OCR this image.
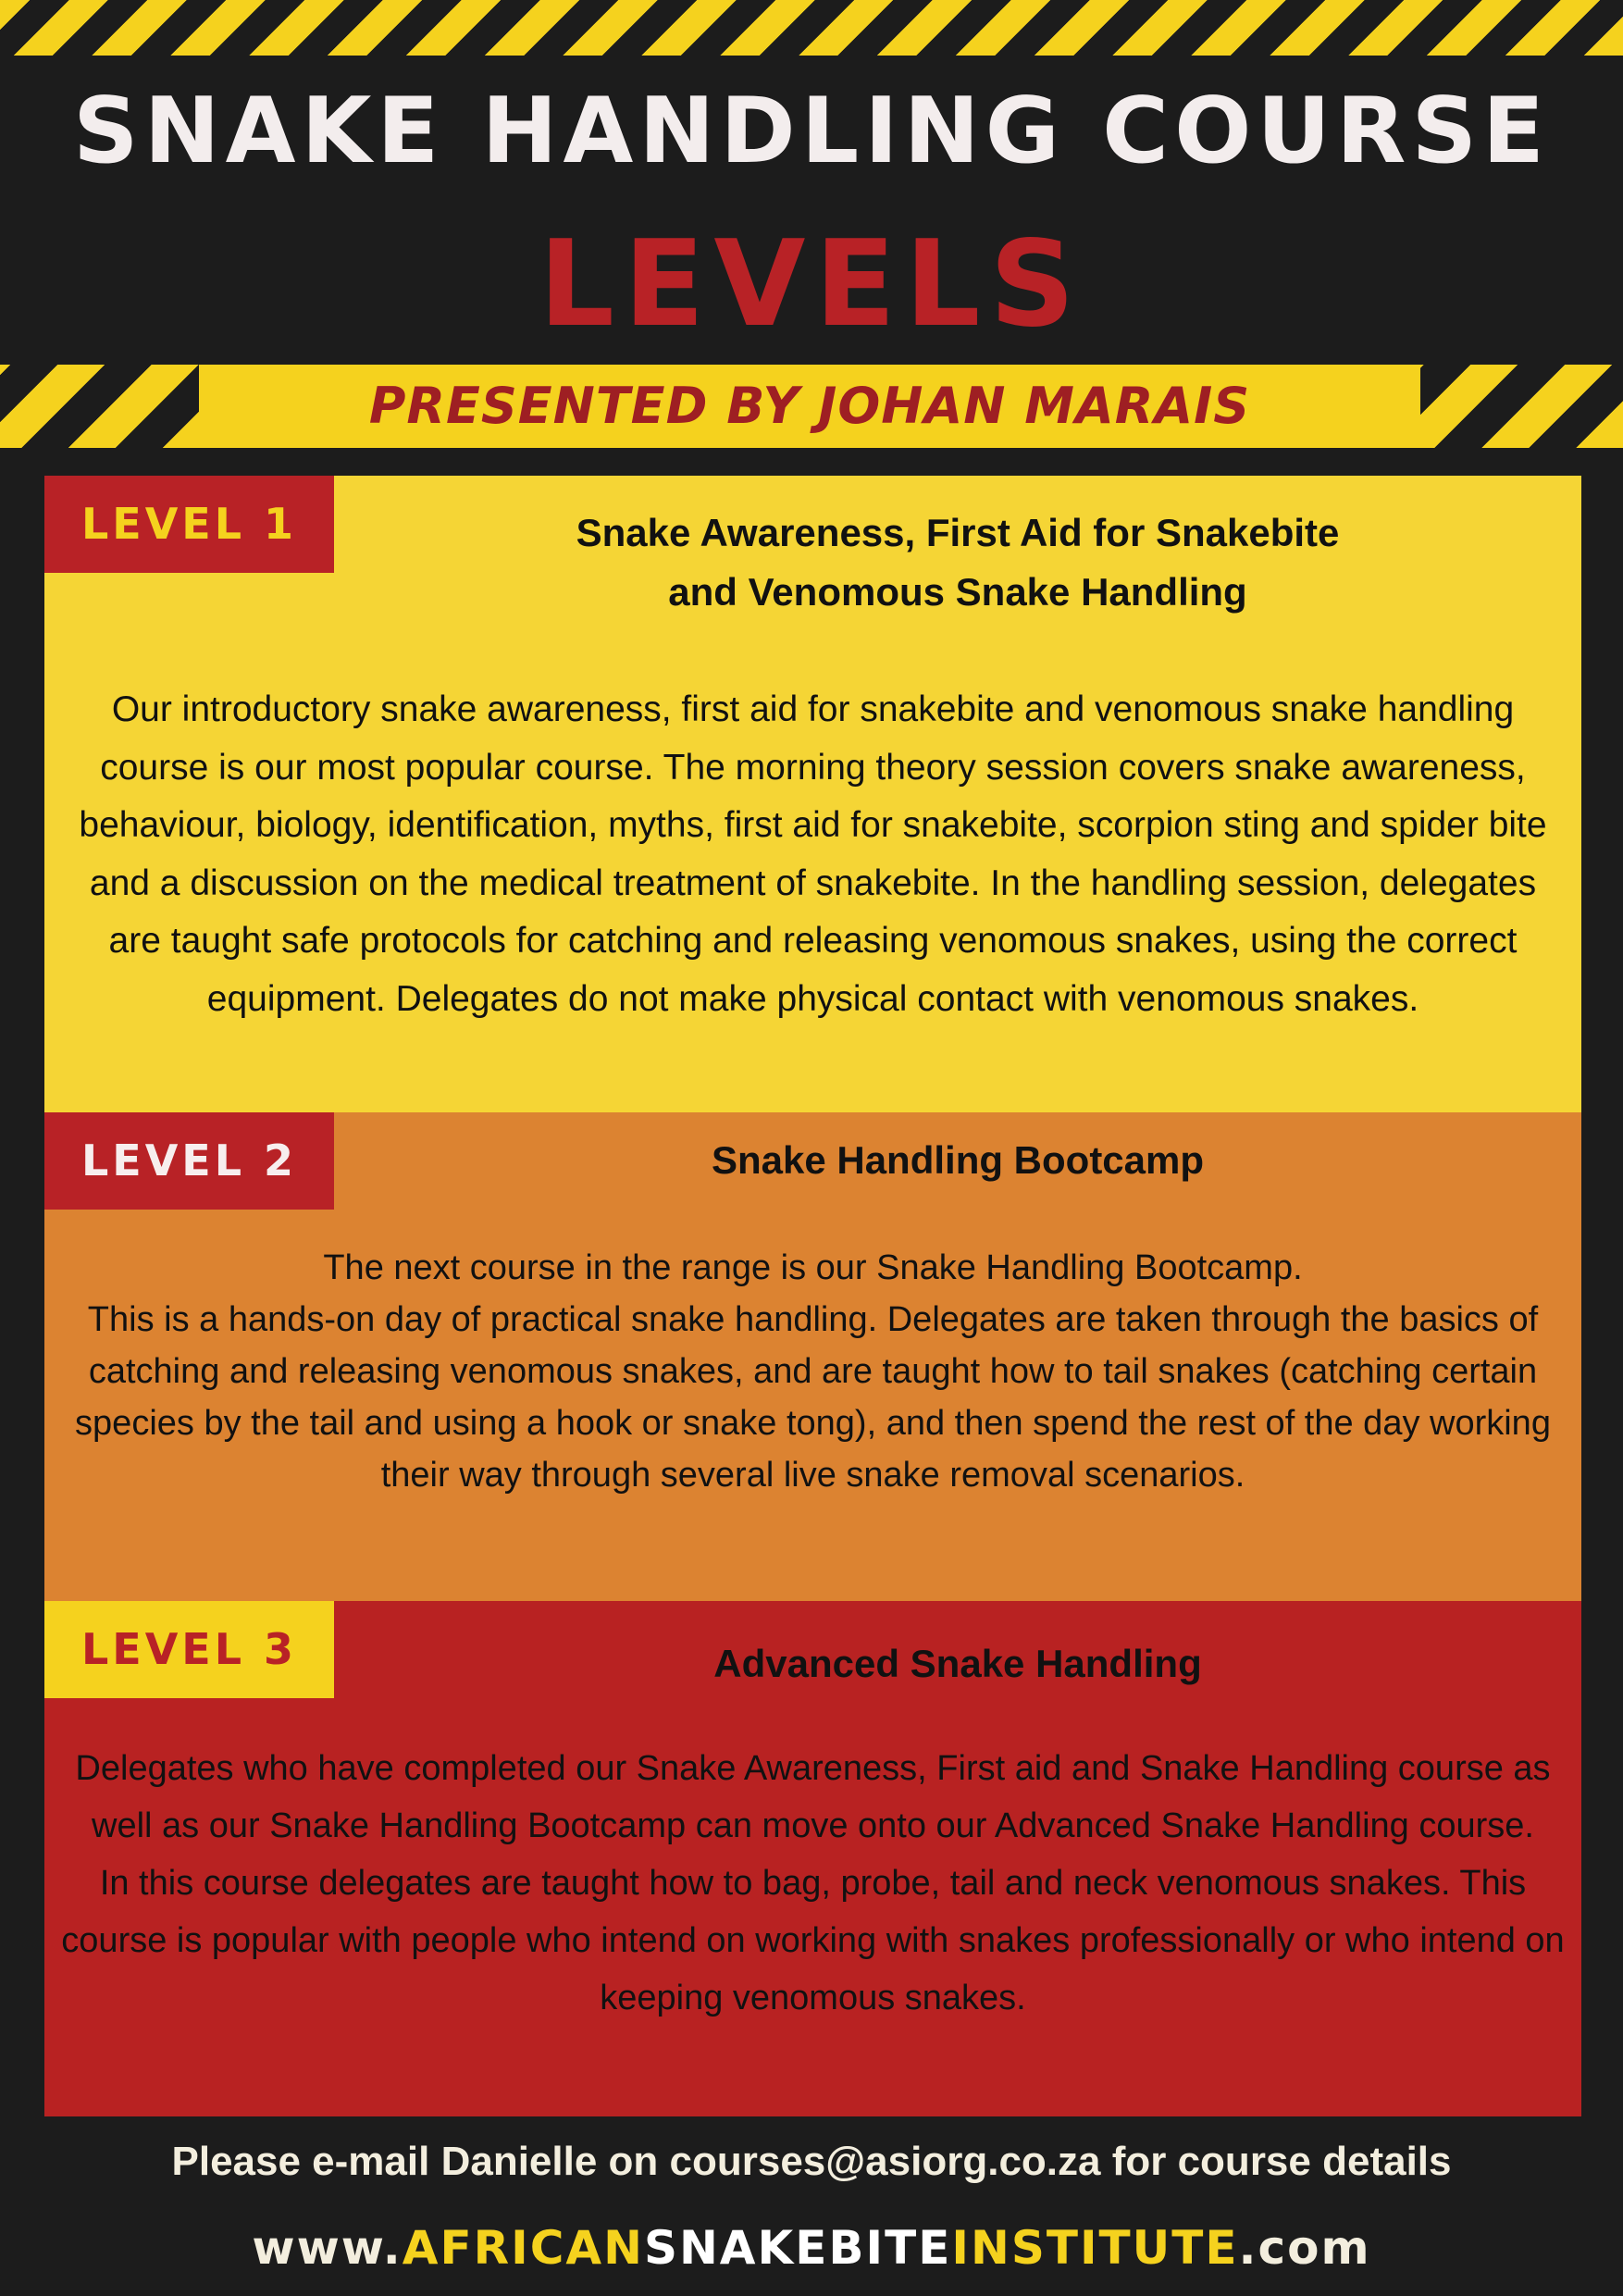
SNAKE HANDLING COURSE
LEVELS
PRESENTED BY JOHAN MARAIS
LEVEL 1	Snake Awareness, First Aid for Snakebite
and Venomous Snake Handling
Our introductory snake awareness, first aid for snakebite and venomous snake handling course is our most popular course. The morning theory session covers snake awareness, behaviour, biology, identification, myths, first aid for snakebite, scorpion sting and spider bite and a discussion on the medical treatment of snakebite. In the handling session, delegates are taught safe protocols for catching and releasing venomous snakes, using the correct equipment. Delegates do not make physical contact with venomous snakes.
LEVEL 2	Snake Handling Bootcamp
The next course in the range is our Snake Handling Bootcamp.
This is a hands-on day of practical snake handling. Delegates are taken through the basics of catching and releasing venomous snakes, and are taught how to tail snakes (catching certain species by the tail and using a hook or snake tong), and then spend the rest of the day working their way through several live snake removal scenarios.
LEVEL 3	Advanced Snake Handling
Delegates who have completed our Snake Awareness, First aid and Snake Handling course as well as our Snake Handling Bootcamp can move onto our Advanced Snake Handling course.
In this course delegates are taught how to bag, probe, tail and neck venomous snakes. This course is popular with people who intend on working with snakes professionally or who intend on keeping venomous snakes.
Please e-mail Danielle on courses@asiorg.co.za for course details
www.AFRICANSNAKEBITEINSTITUTE.com
